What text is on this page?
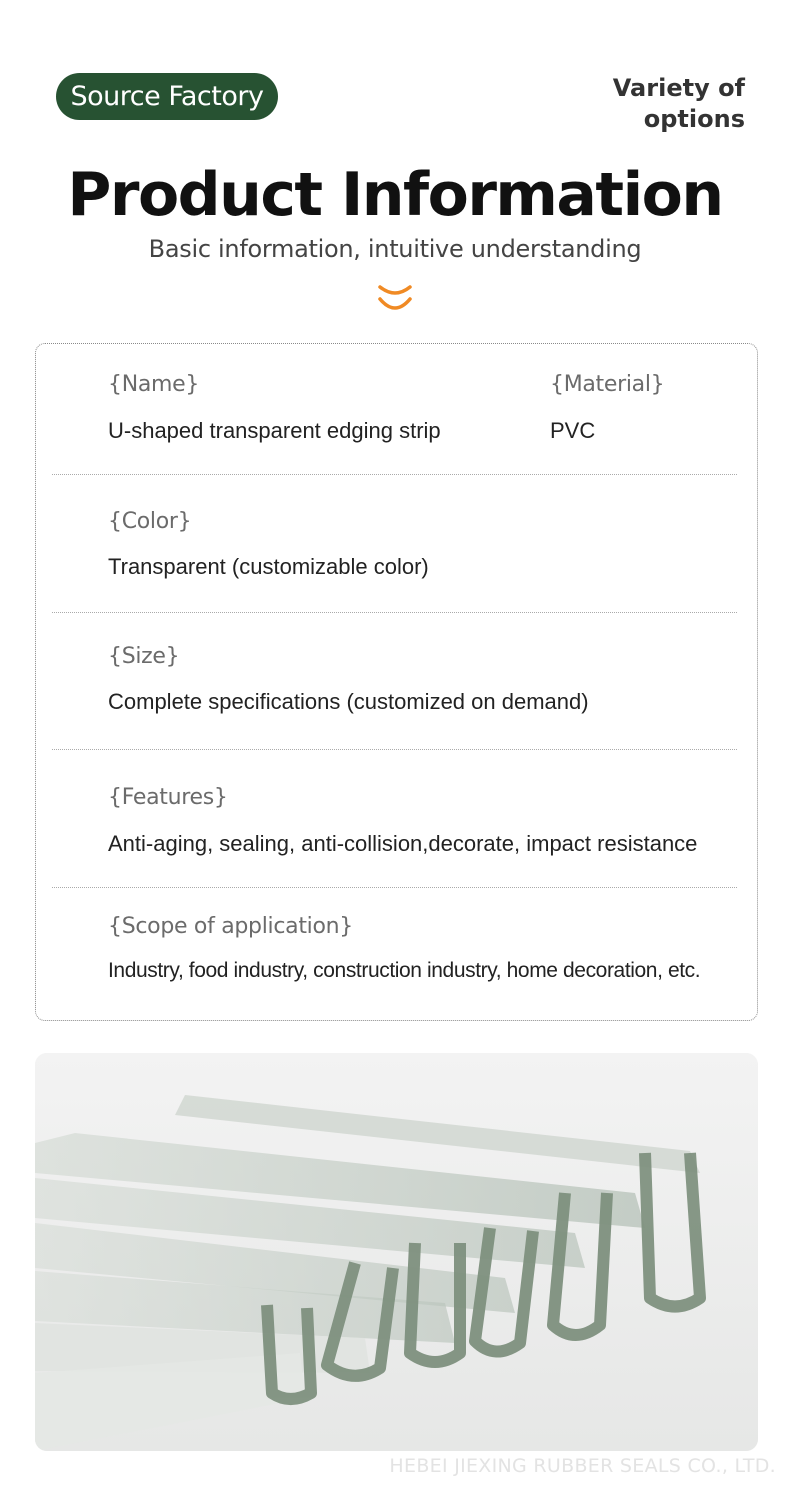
Source Factory	Variety of
options
Product Information
Basic information, intuitive understanding
{Name}
U-shaped transparent edging strip
{Material}
PVC
{Color}
Transparent (customizable color)
{Size}
Complete specifications (customized on demand)
{Features}
Anti-aging, sealing, anti-collision,decorate, impact resistance
{Scope of application}
Industry, food industry, construction industry, home decoration, etc.
HEBEI JIEXING RUBBER SEALS CO., LTD.
